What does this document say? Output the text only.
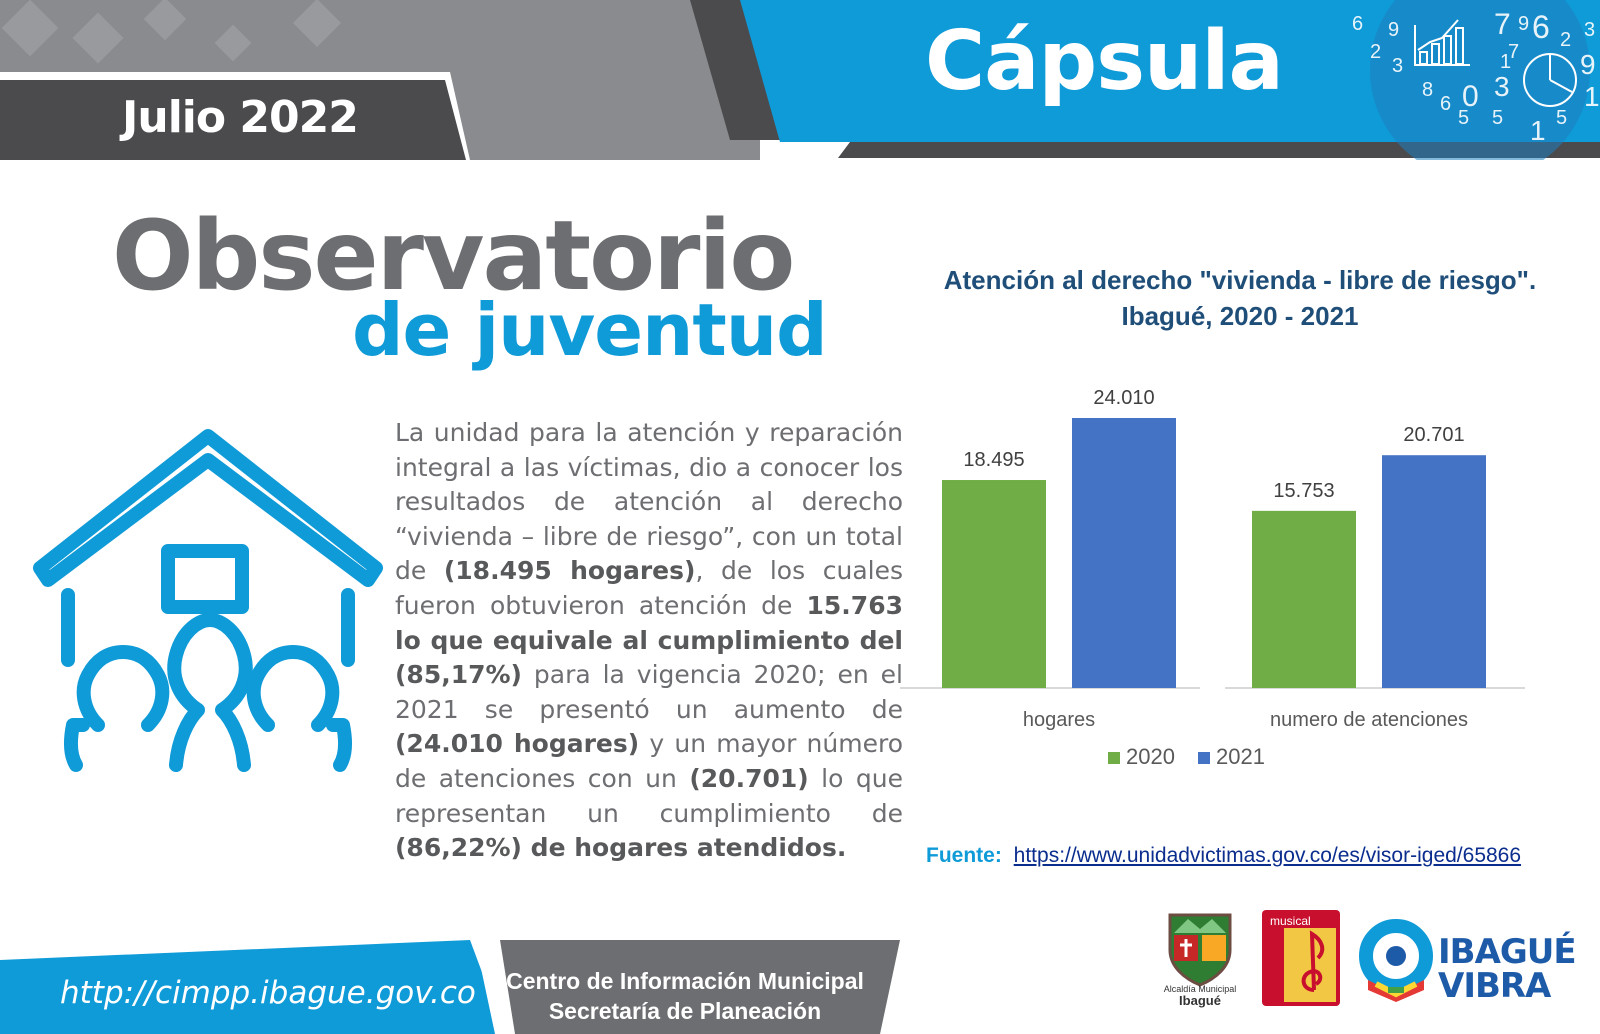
6 9	7 9 6 2 3
2
3
8
6 0 3
1
7 9
1
5
5 5 1
Julio 2022
Cápsula
Observatorio
de juventud
La unidad para la atención y reparación integral a las víctimas, dio a conocer los resultados de atención al derecho “vivienda – libre de riesgo”, con un total de (18.495 hogares), de los cuales fueron obtuvieron atención de 15.763 lo que equivale al cumplimiento del (85,17%) para la vigencia 2020; en el 2021 se presentó un aumento de (24.010 hogares) y un mayor número de atenciones con un (20.701) lo que representan un cumplimiento de (86,22%) de hogares atendidos.
Atención al derecho "vivienda - libre de riesgo".
Ibagué, 2020 - 2021
18.495
24.010
hogares
15.753
20.701
numero de atenciones
2020 2021
Fuente: https://www.unidadvictimas.gov.co/es/visor-iged/65866
http://cimpp.ibague.gov.co Centro de Información Municipal
Secretaría de Planeación
Alcaldía Municipal
Ibagué
musical
IBAGUÉ
VIBRA
